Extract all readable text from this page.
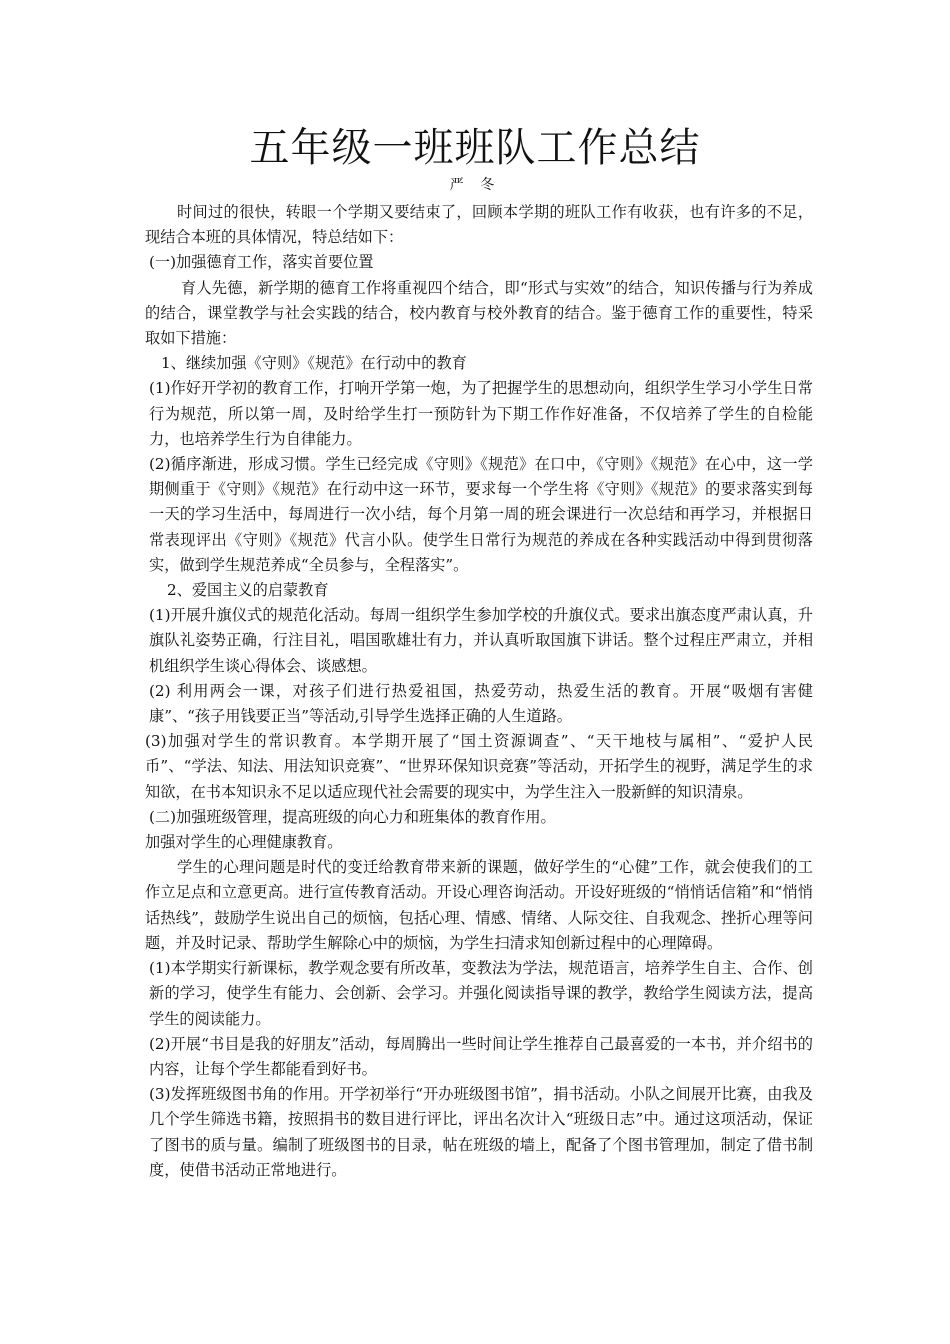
五年级一班班队工作总结
严 冬

时间过的很快，转眼一个学期又要结束了，回顾本学期的班队工作有收获，也有许多的不足，现结合本班的具体情况，特总结如下：

(一)加强德育工作，落实首要位置

育人先德，新学期的德育工作将重视四个结合，即“形式与实效”的结合，知识传播与行为养成的结合，课堂教学与社会实践的结合，校内教育与校外教育的结合。鉴于德育工作的重要性，特采取如下措施：

1、继续加强《守则》《规范》在行动中的教育

(1)作好开学初的教育工作，打响开学第一炮，为了把握学生的思想动向，组织学生学习小学生日常行为规范，所以第一周，及时给学生打一预防针为下期工作作好准备，不仅培养了学生的自检能力，也培养学生行为自律能力。

(2)循序渐进，形成习惯。学生已经完成《守则》《规范》在口中，《守则》《规范》在心中，这一学期侧重于《守则》《规范》在行动中这一环节，要求每一个学生将《守则》《规范》的要求落实到每一天的学习生活中，每周进行一次小结，每个月第一周的班会课进行一次总结和再学习，并根据日常表现评出《守则》《规范》代言小队。使学生日常行为规范的养成在各种实践活动中得到贯彻落实，做到学生规范养成“全员参与，全程落实”。

2、爱国主义的启蒙教育

(1)开展升旗仪式的规范化活动。每周一组织学生参加学校的升旗仪式。要求出旗态度严肃认真，升旗队礼姿势正确，行注目礼，唱国歌雄壮有力，并认真听取国旗下讲话。整个过程庄严肃立，并相机组织学生谈心得体会、谈感想。

(2) 利用两会一课，对孩子们进行热爱祖国，热爱劳动，热爱生活的教育。开展“吸烟有害健康”、“孩子用钱要正当”等活动,引导学生选择正确的人生道路。

(3)加强对学生的常识教育。本学期开展了“国土资源调查”、“天干地枝与属相”、“爱护人民币”、“学法、知法、用法知识竞赛”、“世界环保知识竞赛”等活动，开拓学生的视野，满足学生的求知欲，在书本知识永不足以适应现代社会需要的现实中，为学生注入一股新鲜的知识清泉。

(二)加强班级管理，提高班级的向心力和班集体的教育作用。

加强对学生的心理健康教育。

学生的心理问题是时代的变迁给教育带来新的课题，做好学生的“心健”工作，就会使我们的工作立足点和立意更高。进行宣传教育活动。开设心理咨询活动。开设好班级的“悄悄话信箱”和“悄悄话热线”，鼓励学生说出自己的烦恼，包括心理、情感、情绪、人际交往、自我观念、挫折心理等问题，并及时记录、帮助学生解除心中的烦恼，为学生扫清求知创新过程中的心理障碍。

(1)本学期实行新课标，教学观念要有所改革，变教法为学法，规范语言，培养学生自主、合作、创新的学习，使学生有能力、会创新、会学习。并强化阅读指导课的教学，教给学生阅读方法，提高学生的阅读能力。

(2)开展“书目是我的好朋友”活动，每周腾出一些时间让学生推荐自己最喜爱的一本书，并介绍书的内容，让每个学生都能看到好书。

(3)发挥班级图书角的作用。开学初举行“开办班级图书馆”，捐书活动。小队之间展开比赛，由我及几个学生筛选书籍，按照捐书的数目进行评比，评出名次计入“班级日志”中。通过这项活动，保证了图书的质与量。编制了班级图书的目录，帖在班级的墙上，配备了个图书管理加，制定了借书制度，使借书活动正常地进行。
